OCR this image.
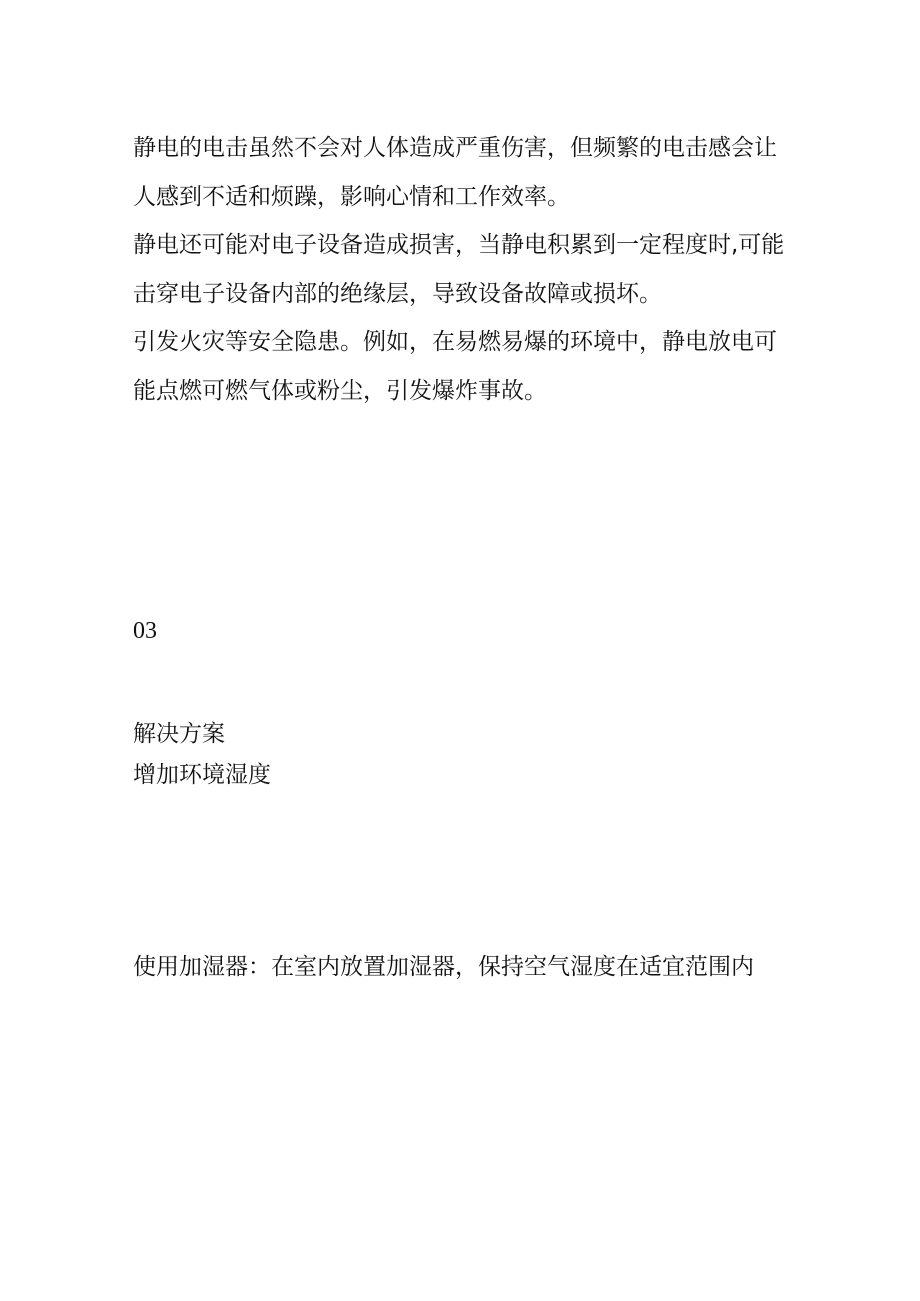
静电的电击虽然不会对人体造成严重伤害，但频繁的电击感会让
人感到不适和烦躁，影响心情和工作效率。
静电还可能对电子设备造成损害，当静电积累到一定程度时,可能
击穿电子设备内部的绝缘层，导致设备故障或损坏。
引发火灾等安全隐患。例如，在易燃易爆的环境中，静电放电可
能点燃可燃气体或粉尘，引发爆炸事故。
03
解决方案
增加环境湿度
使用加湿器：在室内放置加湿器，保持空气湿度在适宜范围内
